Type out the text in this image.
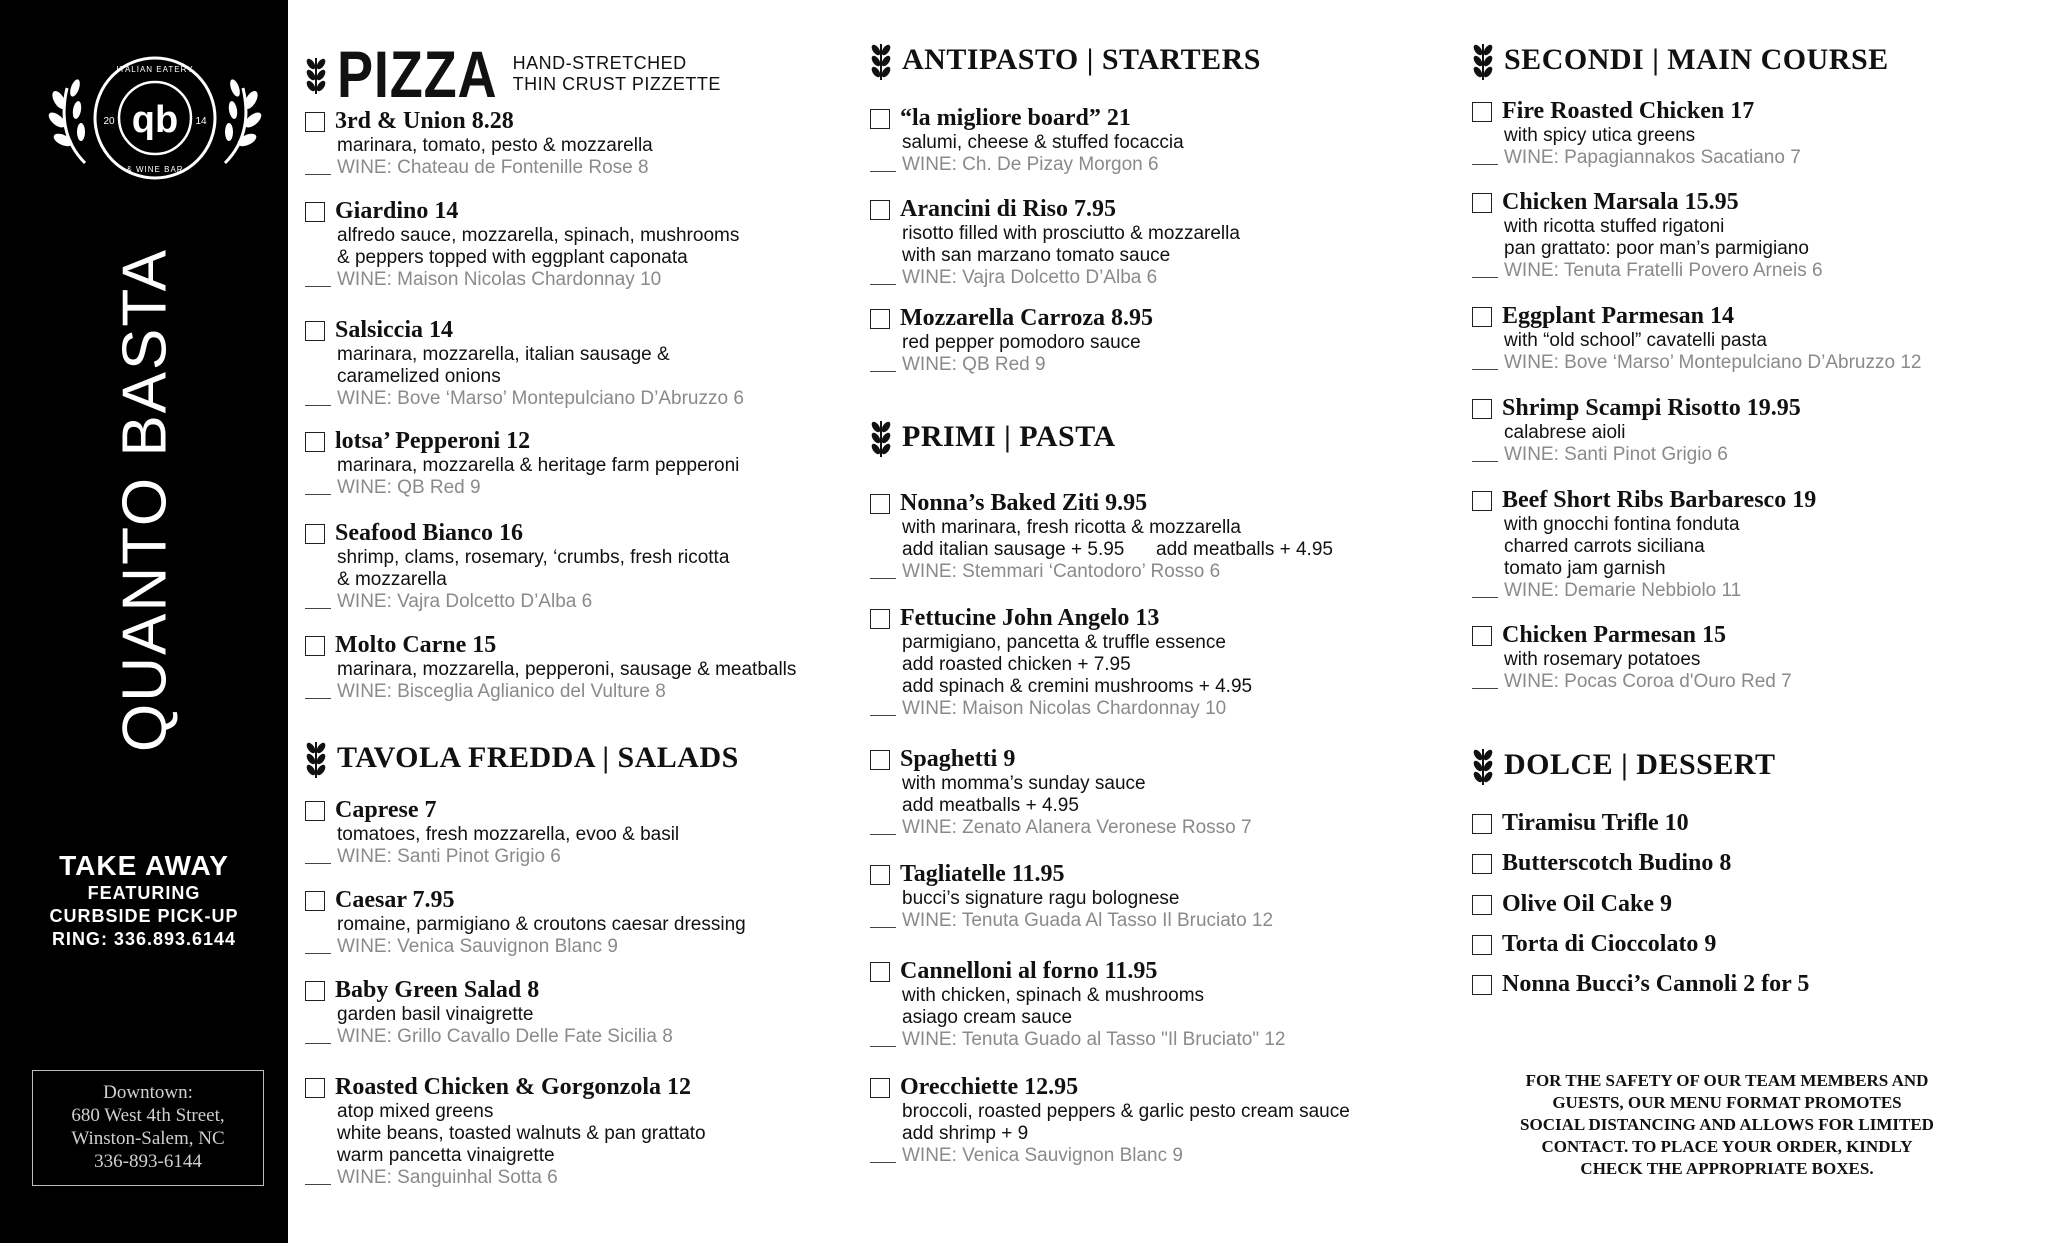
qb
20	14
ITALIAN EATERY
& WINE BAR
QUANTO BASTA
TAKE AWAY
FEATURING
CURBSIDE PICK-UP
RING: 336.893.6144
Downtown:
680 West 4th Street,
Winston-Salem, NC
336-893-6144
PIZZA HAND-STRETCHED
THIN CRUST PIZZETTE
3rd & Union 8.28
marinara, tomato, pesto & mozzarella
WINE: Chateau de Fontenille Rose 8
Giardino 14
alfredo sauce, mozzarella, spinach, mushrooms
& peppers topped with eggplant caponata
WINE: Maison Nicolas Chardonnay 10
Salsiccia 14
marinara, mozzarella, italian sausage &
caramelized onions
WINE: Bove ‘Marso’ Montepulciano D’Abruzzo 6
lotsa’ Pepperoni 12
marinara, mozzarella & heritage farm pepperoni
WINE: QB Red 9
Seafood Bianco 16
shrimp, clams, rosemary, ‘crumbs, fresh ricotta
& mozzarella
WINE: Vajra Dolcetto D’Alba 6
Molto Carne 15
marinara, mozzarella, pepperoni, sausage & meatballs
WINE: Bisceglia Aglianico del Vulture 8
TAVOLA FREDDA | SALADS
Caprese 7
tomatoes, fresh mozzarella, evoo & basil
WINE: Santi Pinot Grigio 6
Caesar 7.95
romaine, parmigiano & croutons caesar dressing
WINE: Venica Sauvignon Blanc 9
Baby Green Salad 8
garden basil vinaigrette
WINE: Grillo Cavallo Delle Fate Sicilia 8
Roasted Chicken & Gorgonzola 12
atop mixed greens
white beans, toasted walnuts & pan grattato
warm pancetta vinaigrette
WINE: Sanguinhal Sotta 6
ANTIPASTO | STARTERS
“la migliore board” 21
salumi, cheese & stuffed focaccia
WINE: Ch. De Pizay Morgon 6
Arancini di Riso 7.95
risotto filled with prosciutto & mozzarella
with san marzano tomato sauce
WINE: Vajra Dolcetto D’Alba 6
Mozzarella Carroza 8.95
red pepper pomodoro sauce
WINE: QB Red 9
PRIMI | PASTA
Nonna’s Baked Ziti 9.95
with marinara, fresh ricotta & mozzarella
add italian sausage + 5.95      add meatballs + 4.95
WINE: Stemmari ‘Cantodoro’ Rosso 6
Fettucine John Angelo 13
parmigiano, pancetta & truffle essence
add roasted chicken + 7.95
add spinach & cremini mushrooms + 4.95
WINE: Maison Nicolas Chardonnay 10
Spaghetti 9
with momma’s sunday sauce
add meatballs + 4.95
WINE: Zenato Alanera Veronese Rosso 7
Tagliatelle 11.95
bucci’s signature ragu bolognese
WINE: Tenuta Guada Al Tasso Il Bruciato 12
Cannelloni al forno 11.95
with chicken, spinach & mushrooms
asiago cream sauce
WINE: Tenuta Guado al Tasso "Il Bruciato" 12
Orecchiette 12.95
broccoli, roasted peppers & garlic pesto cream sauce
add shrimp + 9
WINE: Venica Sauvignon Blanc 9
SECONDI | MAIN COURSE
Fire Roasted Chicken 17
with spicy utica greens
WINE: Papagiannakos Sacatiano 7
Chicken Marsala 15.95
with ricotta stuffed rigatoni
pan grattato: poor man’s parmigiano
WINE: Tenuta Fratelli Povero Arneis 6
Eggplant Parmesan 14
with “old school” cavatelli pasta
WINE: Bove ‘Marso’ Montepulciano D’Abruzzo 12
Shrimp Scampi Risotto 19.95
calabrese aioli
WINE: Santi Pinot Grigio 6
Beef Short Ribs Barbaresco 19
with gnocchi fontina fonduta
charred carrots siciliana
tomato jam garnish
WINE: Demarie Nebbiolo 11
Chicken Parmesan 15
with rosemary potatoes
WINE: Pocas Coroa d'Ouro Red 7
DOLCE | DESSERT
Tiramisu Trifle 10
Butterscotch Budino 8
Olive Oil Cake 9
Torta di Cioccolato 9
Nonna Bucci’s Cannoli 2 for 5
FOR THE SAFETY OF OUR TEAM MEMBERS AND
GUESTS, OUR MENU FORMAT PROMOTES
SOCIAL DISTANCING AND ALLOWS FOR LIMITED
CONTACT. TO PLACE YOUR ORDER, KINDLY
CHECK THE APPROPRIATE BOXES.
